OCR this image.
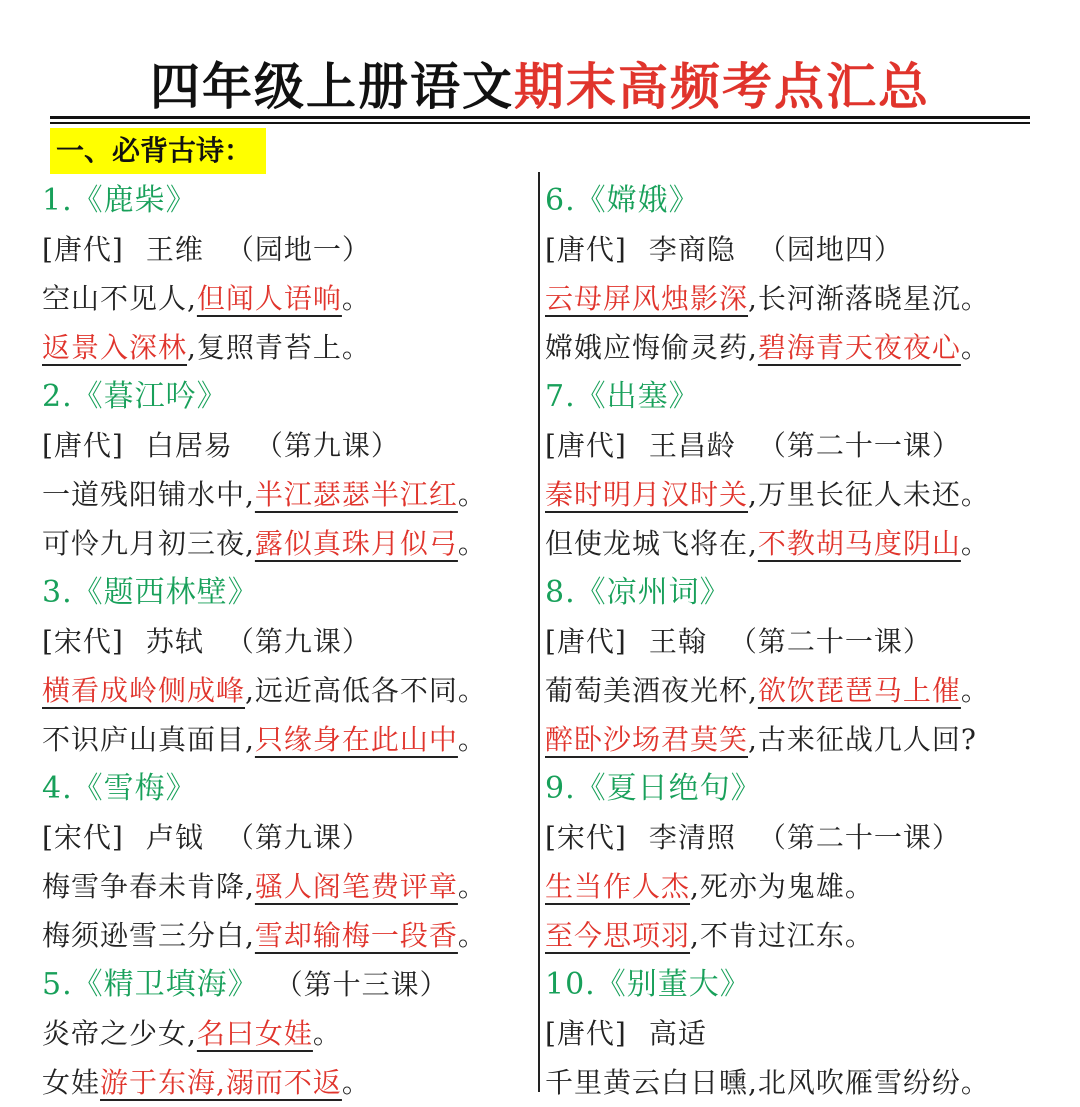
四年级上册语文期末高频考点汇总
一、必背古诗：
1.《鹿柴》
[唐代] 王维 （园地一）
空山不见人,但闻人语响。
返景入深林,复照青苔上。
2.《暮江吟》
[唐代] 白居易 （第九课）
一道残阳铺水中,半江瑟瑟半江红。
可怜九月初三夜,露似真珠月似弓。
3.《题西林壁》
[宋代] 苏轼 （第九课）
横看成岭侧成峰,远近高低各不同。
不识庐山真面目,只缘身在此山中。
4.《雪梅》
[宋代] 卢钺 （第九课）
梅雪争春未肯降,骚人阁笔费评章。
梅须逊雪三分白,雪却输梅一段香。
5.《精卫填海》 （第十三课）
炎帝之少女,名曰女娃。
女娃游于东海,溺而不返。
6.《嫦娥》
[唐代] 李商隐 （园地四）
云母屏风烛影深,长河渐落晓星沉。
嫦娥应悔偷灵药,碧海青天夜夜心。
7.《出塞》
[唐代] 王昌龄 （第二十一课）
秦时明月汉时关,万里长征人未还。
但使龙城飞将在,不教胡马度阴山。
8.《凉州词》
[唐代] 王翰 （第二十一课）
葡萄美酒夜光杯,欲饮琵琶马上催。
醉卧沙场君莫笑,古来征战几人回?
9.《夏日绝句》
[宋代] 李清照 （第二十一课）
生当作人杰,死亦为鬼雄。
至今思项羽,不肯过江东。
10.《别董大》
[唐代] 高适
千里黄云白日曛,北风吹雁雪纷纷。
